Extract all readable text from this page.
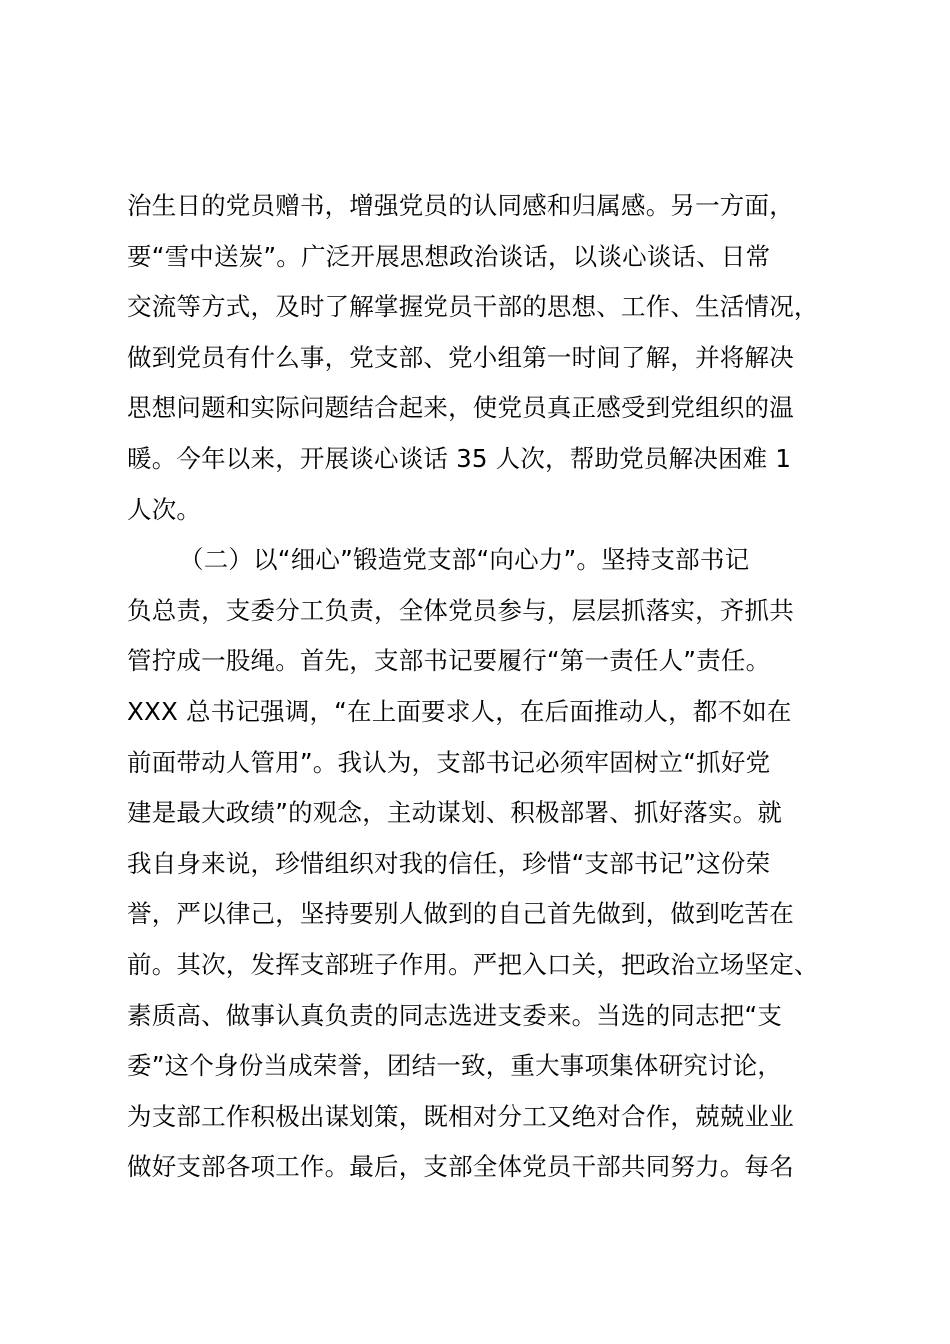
治生日的党员赠书，增强党员的认同感和归属感。另一方面，
要“雪中送炭”。广泛开展思想政治谈话，以谈心谈话、日常
交流等方式，及时了解掌握党员干部的思想、工作、生活情况，
做到党员有什么事，党支部、党小组第一时间了解，并将解决
思想问题和实际问题结合起来，使党员真正感受到党组织的温
暖。今年以来，开展谈心谈话 35 人次，帮助党员解决困难 1
人次。
（二）以“细心”锻造党支部“向心力”。坚持支部书记
负总责，支委分工负责，全体党员参与，层层抓落实，齐抓共
管拧成一股绳。首先，支部书记要履行“第一责任人”责任。
XXX 总书记强调，“在上面要求人，在后面推动人，都不如在
前面带动人管用”。我认为，支部书记必须牢固树立“抓好党
建是最大政绩”的观念，主动谋划、积极部署、抓好落实。就
我自身来说，珍惜组织对我的信任，珍惜“支部书记”这份荣
誉，严以律己，坚持要别人做到的自己首先做到，做到吃苦在
前。其次，发挥支部班子作用。严把入口关，把政治立场坚定、
素质高、做事认真负责的同志选进支委来。当选的同志把“支
委”这个身份当成荣誉，团结一致，重大事项集体研究讨论，
为支部工作积极出谋划策，既相对分工又绝对合作，兢兢业业
做好支部各项工作。最后，支部全体党员干部共同努力。每名
